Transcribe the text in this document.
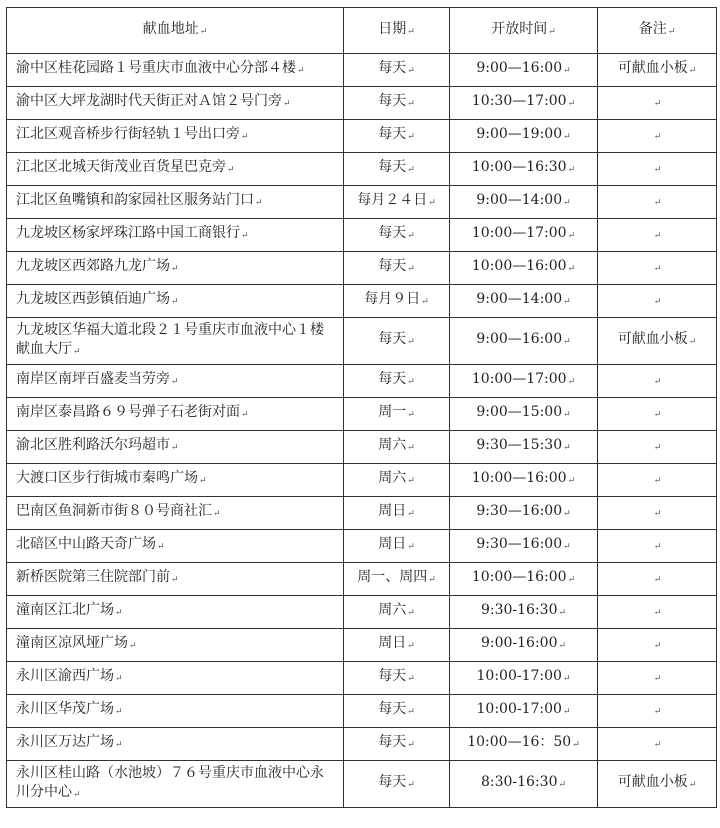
献血地址↵	日期↵	开放时间↵	备注↵
渝中区桂花园路１号重庆市血液中心分部４楼↵	每天↵	9:00—16:00↵	可献血小板↵
渝中区大坪龙湖时代天街正对Ａ馆２号门旁↵	每天↵	10:30—17:00↵	↵
江北区观音桥步行街轻轨１号出口旁↵	每天↵	9:00—19:00↵	↵
江北区北城天街茂业百货星巴克旁↵	每天↵	10:00—16:30↵	↵
江北区鱼嘴镇和韵家园社区服务站门口↵	每月２４日↵	9:00—14:00↵	↵
九龙坡区杨家坪珠江路中国工商银行↵	每天↵	10:00—17:00↵	↵
九龙坡区西郊路九龙广场↵	每天↵	10:00—16:00↵	↵
九龙坡区西彭镇佰迪广场↵	每月９日↵	9:00—14:00↵	↵
九龙坡区华福大道北段２１号重庆市血液中心１楼献血大厅↵	每天↵	9:00—16:00↵	可献血小板↵
南岸区南坪百盛麦当劳旁↵	每天↵	10:00—17:00↵	↵
南岸区泰昌路６９号弹子石老街对面↵	周一↵	9:00—15:00↵	↵
渝北区胜利路沃尔玛超市↵	周六↵	9:30—15:30↵	↵
大渡口区步行街城市秦鸣广场↵	周六↵	10:00—16:00↵	↵
巴南区鱼洞新市街８０号商社汇↵	周日↵	9:30—16:00↵	↵
北碚区中山路天奇广场↵	周日↵	9:30—16:00↵	↵
新桥医院第三住院部门前↵	周一、周四↵	10:00—16:00↵	↵
潼南区江北广场↵	周六↵	9:30-16:30↵	↵
潼南区凉风垭广场↵	周日↵	9:00-16:00↵	↵
永川区渝西广场↵	每天↵	10:00-17:00↵	↵
永川区华茂广场↵	每天↵	10:00-17:00↵	↵
永川区万达广场↵	每天↵	10:00—16：50↵	↵
永川区桂山路（水池坡）７６号重庆市血液中心永川分中心↵	每天↵	8:30-16:30↵	可献血小板↵
